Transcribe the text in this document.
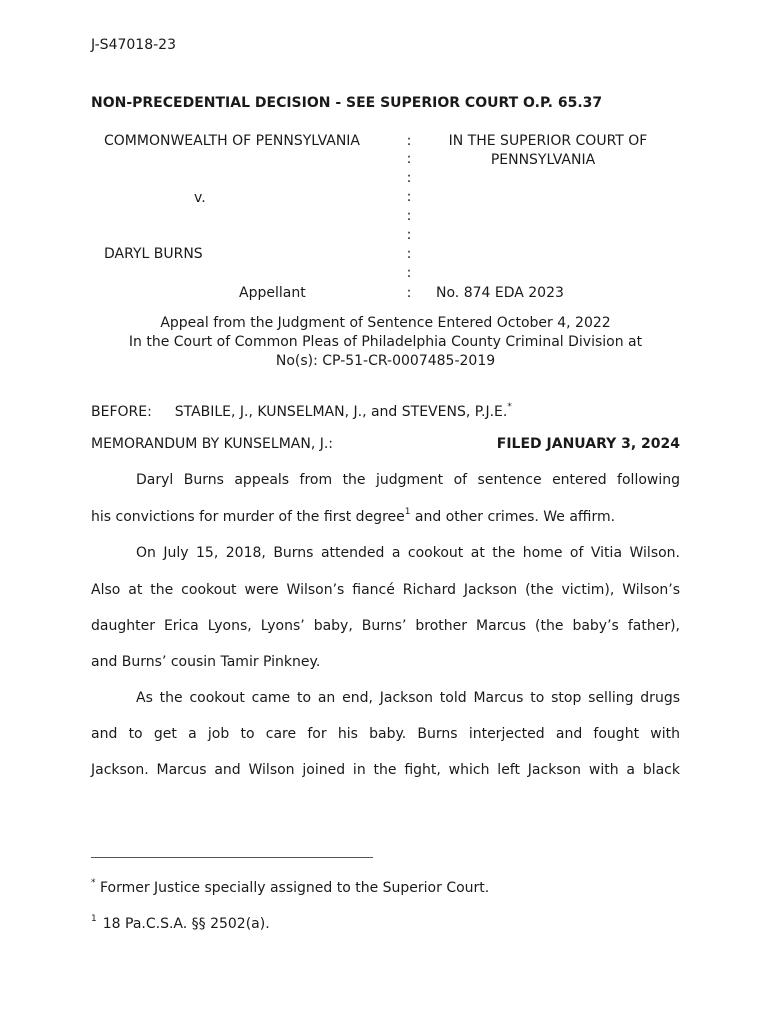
J-S47018-23
NON-PRECEDENTIAL DECISION - SEE SUPERIOR COURT O.P. 65.37
COMMONWEALTH OF PENNSYLVANIA
v.
DARYL BURNS
Appellant
:
:
:
:
:
:
:
:
:
IN THE SUPERIOR COURT OF
PENNSYLVANIA
No. 874 EDA 2023
Appeal from the Judgment of Sentence Entered October 4, 2022
In the Court of Common Pleas of Philadelphia County Criminal Division at
No(s): CP-51-CR-0007485-2019
BEFORE: STABILE, J., KUNSELMAN, J., and STEVENS, P.J.E.*
MEMORANDUM BY KUNSELMAN, J.:	FILED JANUARY 3, 2024
Daryl Burns appeals from the judgment of sentence entered following
his convictions for murder of the first degree$^1$ and other crimes. We affirm.
On July 15, 2018, Burns attended a cookout at the home of Vitia Wilson.
Also at the cookout were Wilson’s fiancé Richard Jackson (the victim), Wilson’s
daughter Erica Lyons, Lyons’ baby, Burns’ brother Marcus (the baby’s father),
and Burns’ cousin Tamir Pinkney.
As the cookout came to an end, Jackson told Marcus to stop selling drugs
and to get a job to care for his baby. Burns interjected and fought with
Jackson. Marcus and Wilson joined in the fight, which left Jackson with a black
* Former Justice specially assigned to the Superior Court.
$^1$ 18 Pa.C.S.A. §§ 2502(a).
